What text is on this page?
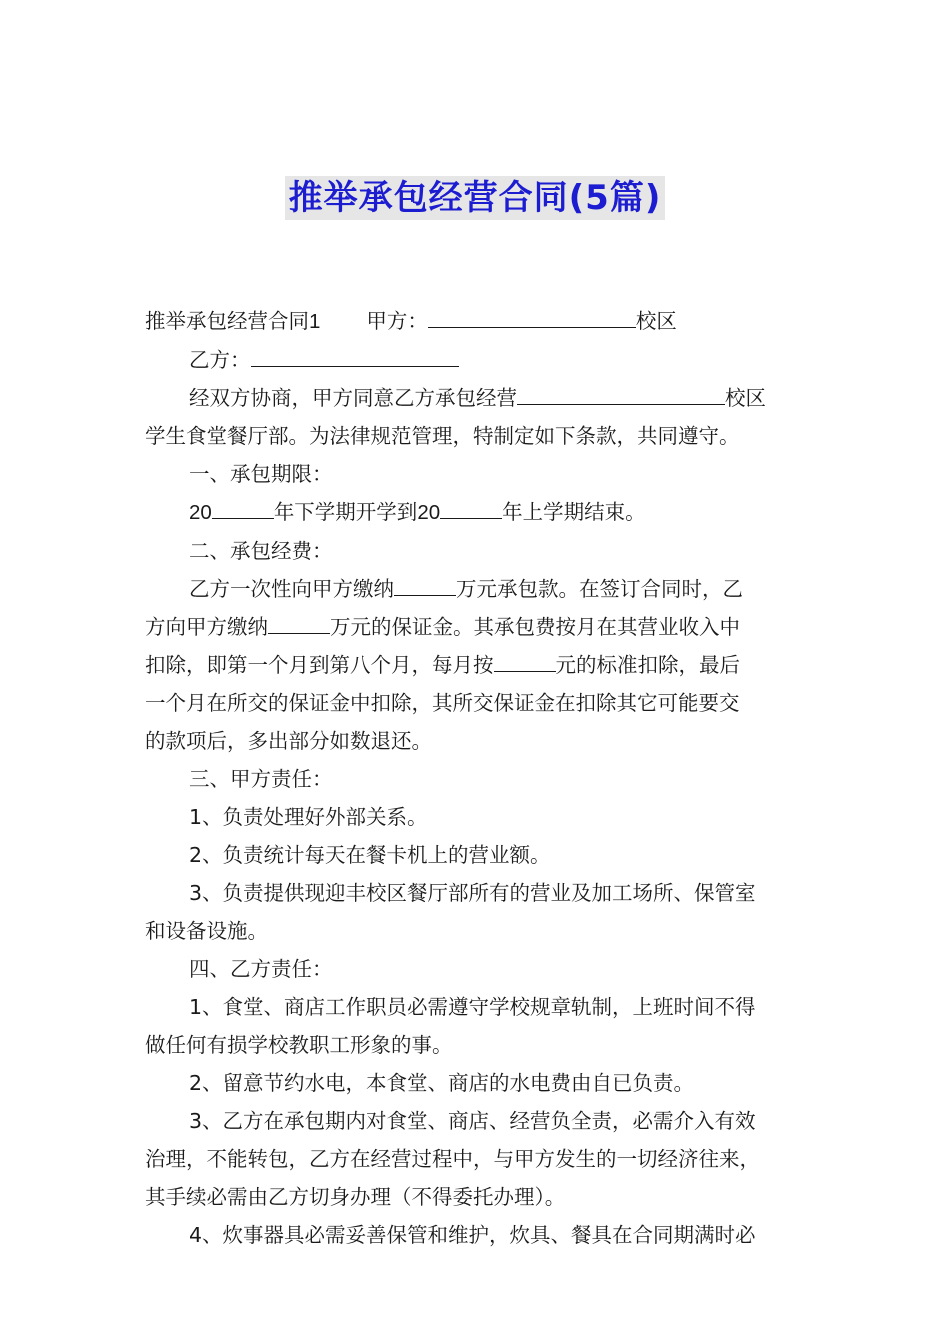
推举承包经营合同(5篇)

推举承包经营合同1 甲方：	校区

乙方：

经双方协商，甲方同意乙方承包经营	校区

学生食堂餐厅部。为法律规范管理，特制定如下条款，共同遵守。

一、承包期限：

20	年下学期开学到20	年上学期结束。

二、承包经费：

乙方一次性向甲方缴纳	万元承包款。在签订合同时，乙

方向甲方缴纳	万元的保证金。其承包费按月在其营业收入中

扣除，即第一个月到第八个月，每月按	元的标准扣除，最后

一个月在所交的保证金中扣除，其所交保证金在扣除其它可能要交

的款项后，多出部分如数退还。

三、甲方责任：

1、负责处理好外部关系。

2、负责统计每天在餐卡机上的营业额。

3、负责提供现迎丰校区餐厅部所有的营业及加工场所、保管室

和设备设施。

四、乙方责任：

1、食堂、商店工作职员必需遵守学校规章轨制，上班时间不得

做任何有损学校教职工形象的事。

2、留意节约水电，本食堂、商店的水电费由自已负责。

3、乙方在承包期内对食堂、商店、经营负全责，必需介入有效

治理，不能转包，乙方在经营过程中，与甲方发生的一切经济往来，

其手续必需由乙方切身办理（不得委托办理）。

4、炊事器具必需妥善保管和维护，炊具、餐具在合同期满时必
